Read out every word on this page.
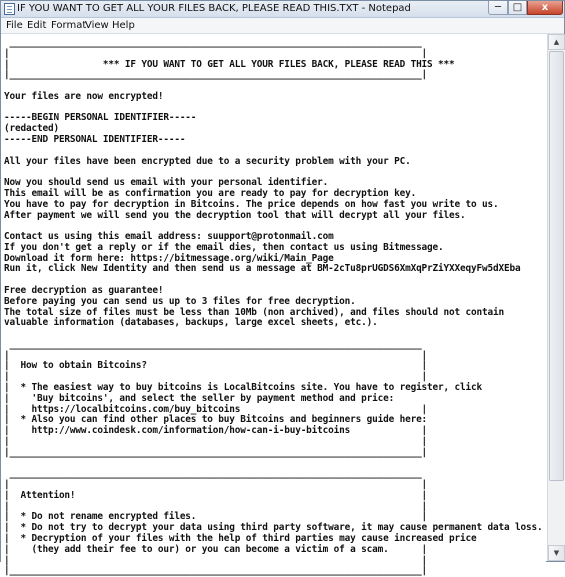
IF YOU WANT TO GET ALL YOUR FILES BACK, PLEASE READ THIS.TXT - Notepad	─	□	x
File Edit Format
View Help
___________________________________________________________________________
|                                                                           |
|                 *** IF YOU WANT TO GET ALL YOUR FILES BACK, PLEASE READ THIS ***
|___________________________________________________________________________|

Your files are now encrypted!

-----BEGIN PERSONAL IDENTIFIER-----
(redacted)
-----END PERSONAL IDENTIFIER-----

All your files have been encrypted due to a security problem with your PC.

Now you should send us email with your personal identifier.
This email will be as confirmation you are ready to pay for decryption key.
You have to pay for decryption in Bitcoins. The price depends on how fast you write to us.
After payment we will send you the decryption tool that will decrypt all your files.

Contact us using this email address: suupport@protonmail.com
If you don't get a reply or if the email dies, then contact us using Bitmessage.
Download it form here: https://bitmessage.org/wiki/Main_Page
Run it, click New Identity and then send us a message at BM-2cTu8prUGDS6XmXqPrZiYXXeqyFw5dXEba

Free decryption as guarantee!
Before paying you can send us up to 3 files for free decryption.
The total size of files must be less than 10Mb (non archived), and files should not contain
valuable information (databases, backups, large excel sheets, etc.).

___________________________________________________________________________
|                                                                           |
|  How to obtain Bitcoins?                                                  |
|                                                                           |
|  * The easiest way to buy bitcoins is LocalBitcoins site. You have to register, click
|    'Buy bitcoins', and select the seller by payment method and price:
|    https://localbitcoins.com/buy_bitcoins                                 |
|  * Also you can find other places to buy Bitcoins and beginners guide here:
|    http://www.coindesk.com/information/how-can-i-buy-bitcoins             |
|                                                                           |
|___________________________________________________________________________|

___________________________________________________________________________
|                                                                           |
|  Attention!                                                               |
|                                                                           |
|  * Do not rename encrypted files.                                         |
|  * Do not try to decrypt your data using third party software, it may cause permanent data loss.
|  * Decryption of your files with the help of third parties may cause increased price
|    (they add their fee to our) or you can become a victim of a scam.      |
|                                                                           |
|___________________________________________________________________________|

▲
▼
